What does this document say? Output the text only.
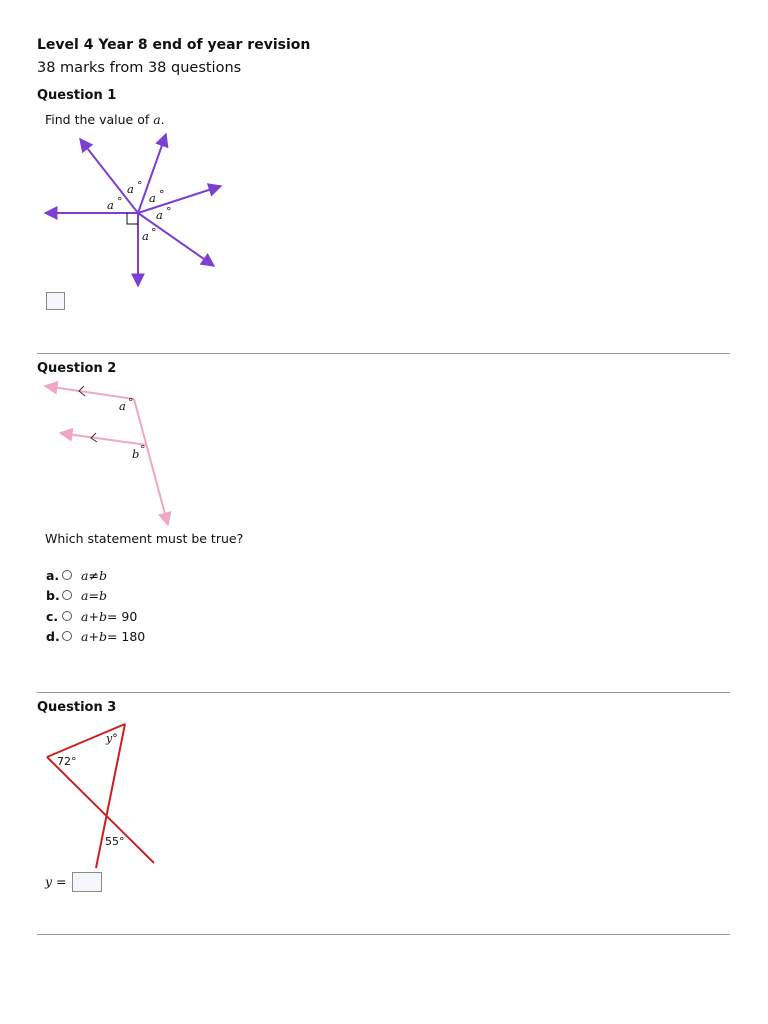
Level 4 Year 8 end of year revision
38 marks from 38 questions
Question 1
Find the value of a.
a °
a ° a °
a °
a °
a °
b °
y°
72°
55°
Question 2
Which statement must be true?
a. a ≠ b
b. a = b
c.	a + b = 90
d. a + b = 180
Question 3
y =
